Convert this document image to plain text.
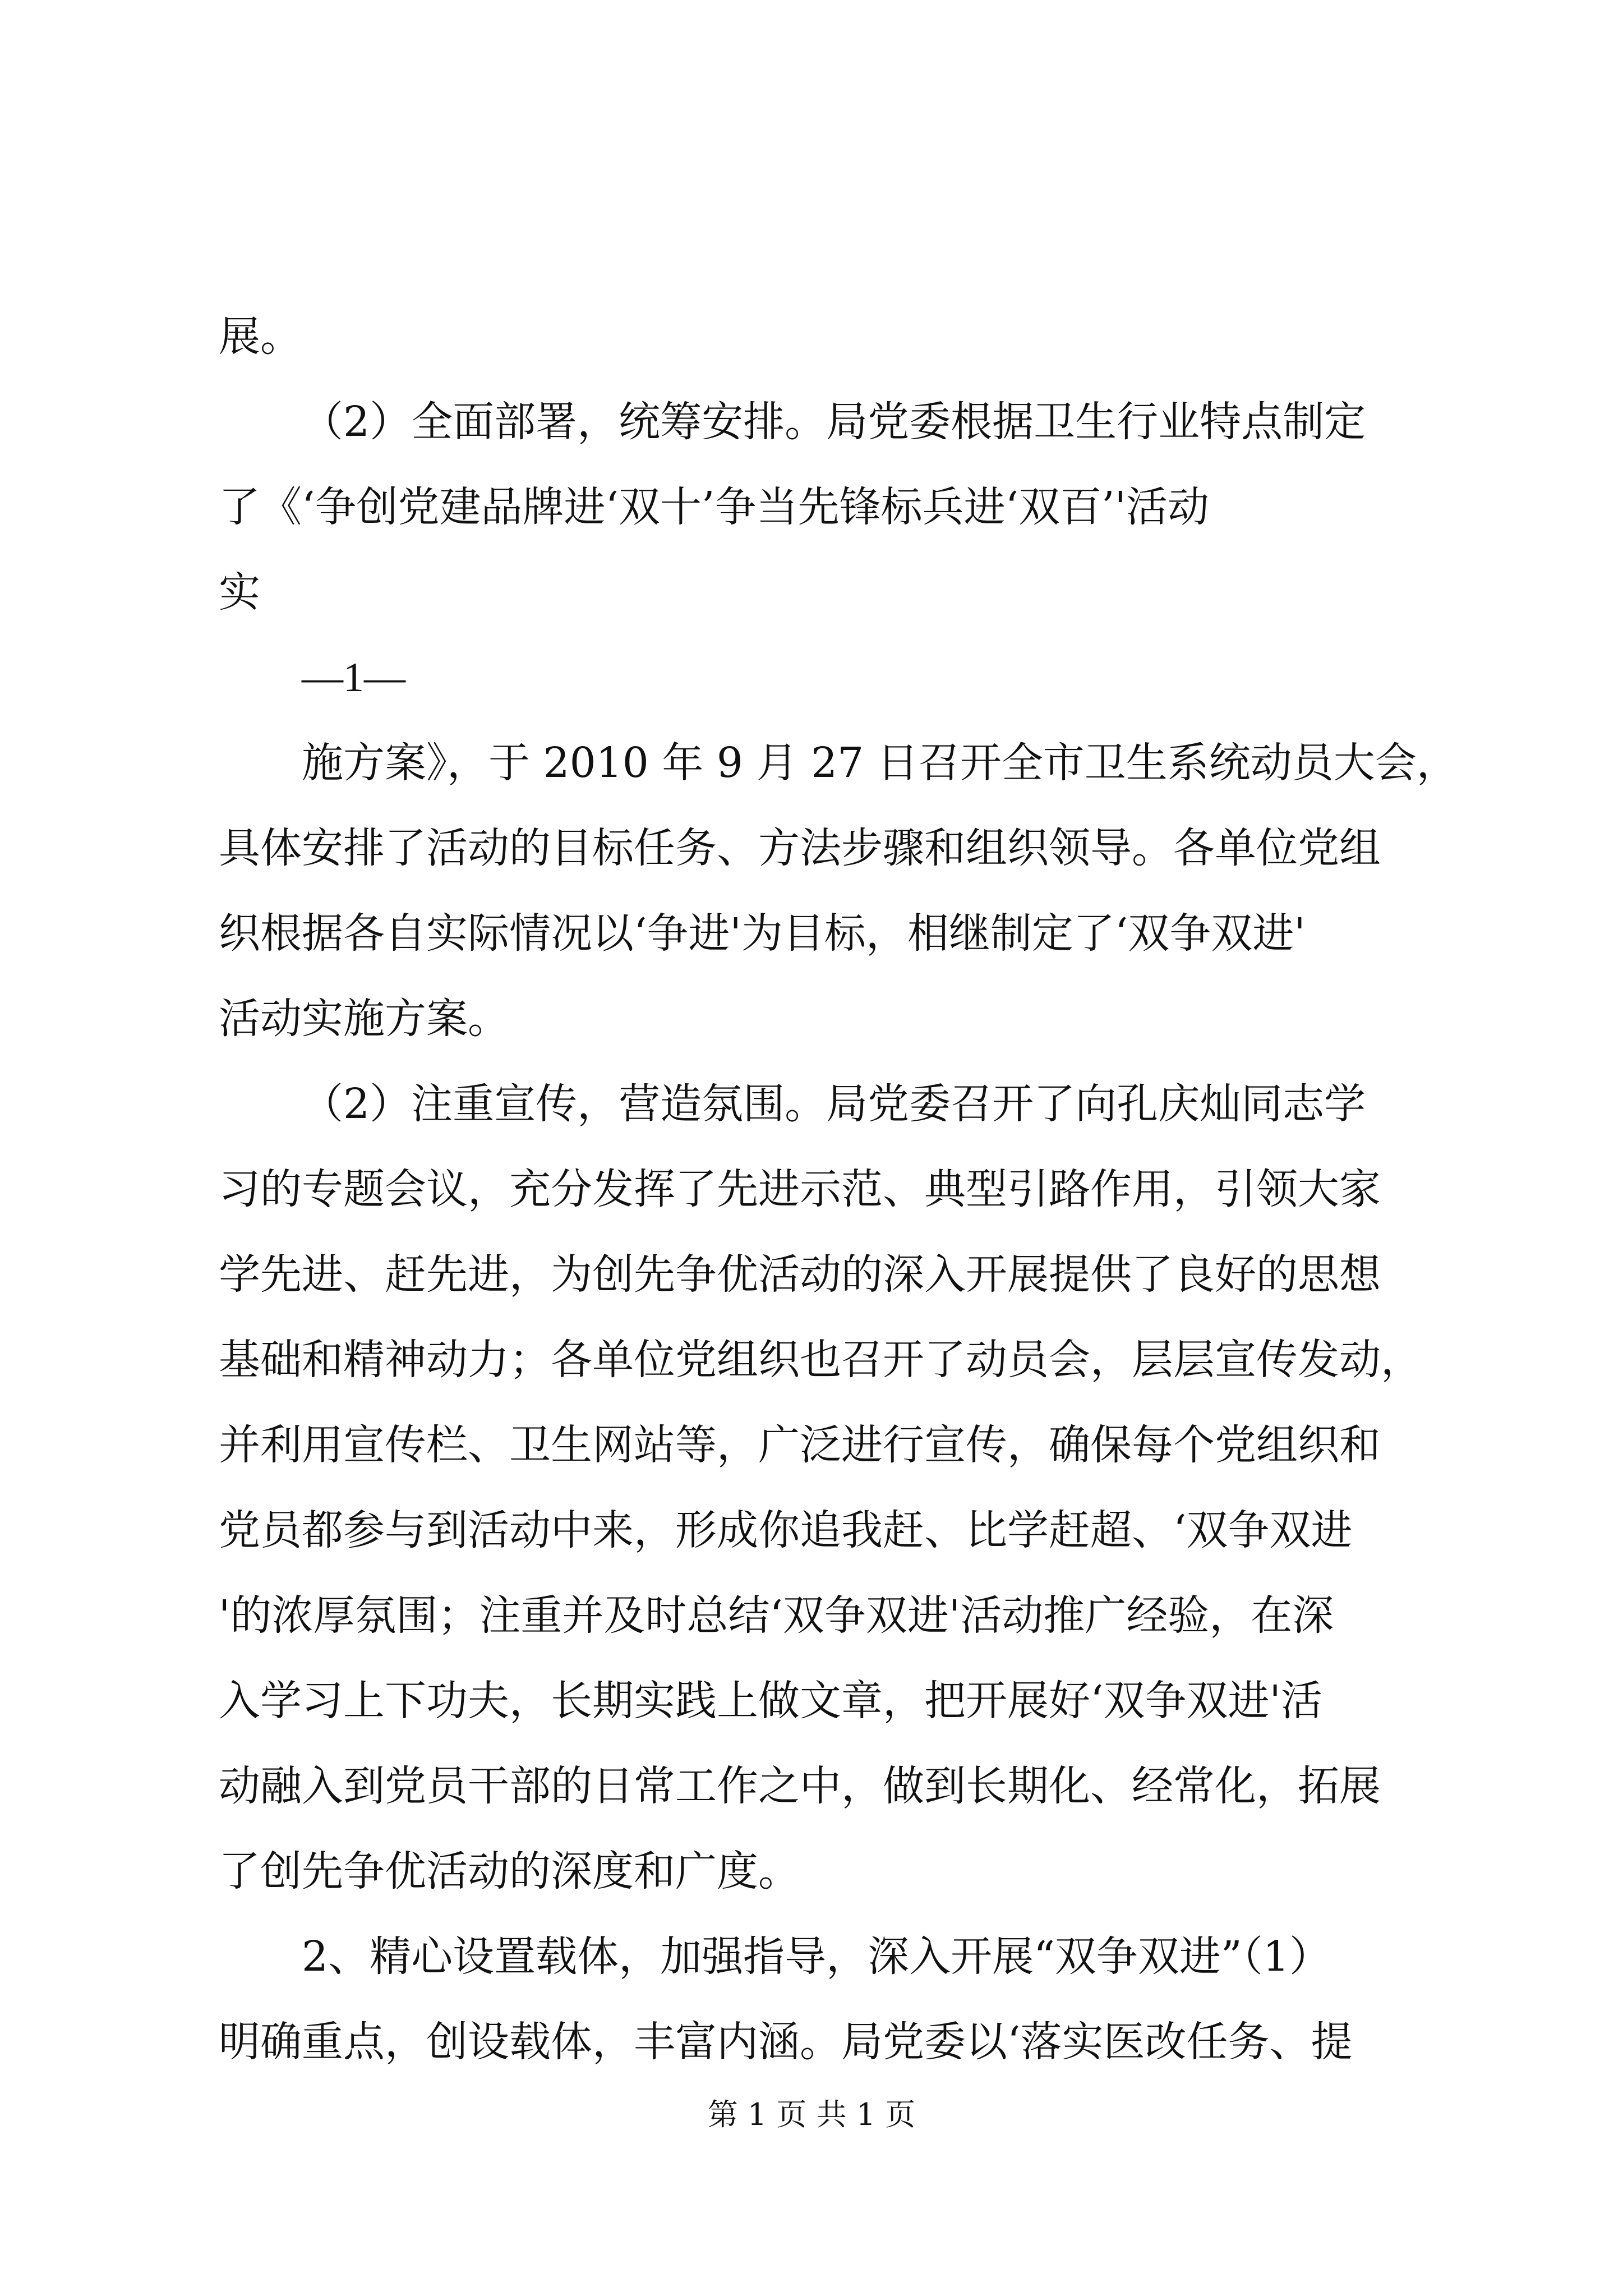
展。
（2）全面部署，统筹安排。局党委根据卫生行业特点制定
了《‘争创党建品牌进‘双十’争当先锋标兵进‘双百’'活动
实
—1—
施方案》，于 2010 年 9 月 27 日召开全市卫生系统动员大会，
具体安排了活动的目标任务、方法步骤和组织领导。各单位党组
织根据各自实际情况以‘争进'为目标，相继制定了‘双争双进'
活动实施方案。
（2）注重宣传，营造氛围。局党委召开了向孔庆灿同志学
习的专题会议，充分发挥了先进示范、典型引路作用，引领大家
学先进、赶先进，为创先争优活动的深入开展提供了良好的思想
基础和精神动力；各单位党组织也召开了动员会，层层宣传发动，
并利用宣传栏、卫生网站等，广泛进行宣传，确保每个党组织和
党员都参与到活动中来，形成你追我赶、比学赶超、‘双争双进
'的浓厚氛围；注重并及时总结‘双争双进'活动推广经验，在深
入学习上下功夫，长期实践上做文章，把开展好‘双争双进'活
动融入到党员干部的日常工作之中，做到长期化、经常化，拓展
了创先争优活动的深度和广度。
2、精心设置载体，加强指导，深入开展“双争双进”（1）
明确重点，创设载体，丰富内涵。局党委以‘落实医改任务、提
第 1 页 共 1 页
